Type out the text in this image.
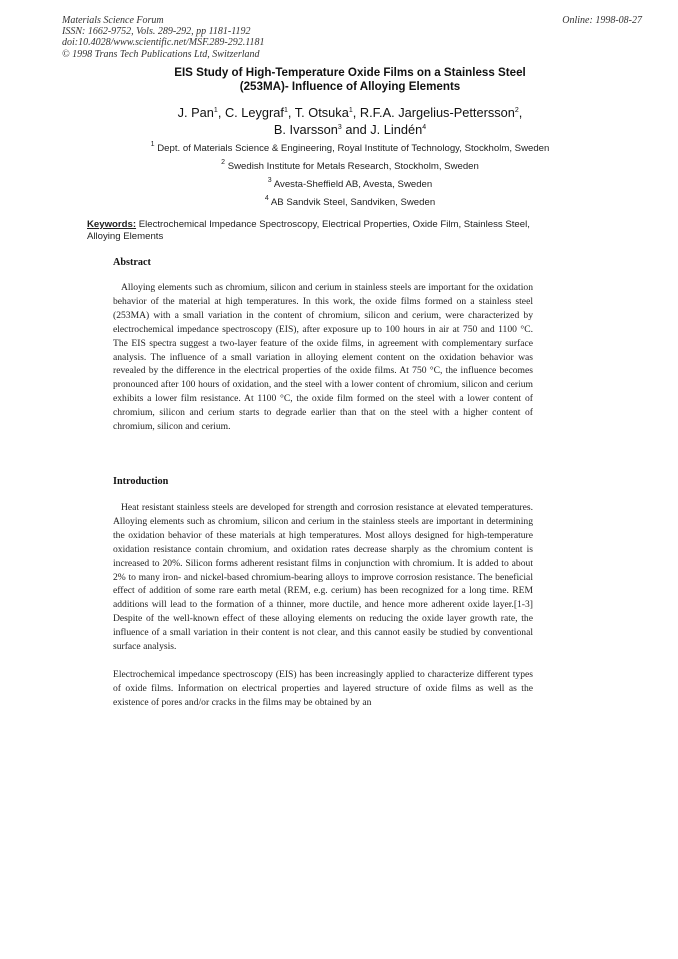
Materials Science Forum
ISSN: 1662-9752, Vols. 289-292, pp 1181-1192
doi:10.4028/www.scientific.net/MSF.289-292.1181
© 1998 Trans Tech Publications Ltd, Switzerland
Online: 1998-08-27
EIS Study of High-Temperature Oxide Films on a Stainless Steel
(253MA)- Influence of Alloying Elements
J. Pan$^1$, C. Leygraf$^1$, T. Otsuka$^1$, R.F.A. Jargelius-Pettersson$^2$,
B. Ivarsson$^3$ and J. Lindén$^4$
$^1$ Dept. of Materials Science & Engineering, Royal Institute of Technology, Stockholm, Sweden
$^2$ Swedish Institute for Metals Research, Stockholm, Sweden
$^3$ Avesta-Sheffield AB, Avesta, Sweden
$^4$ AB Sandvik Steel, Sandviken, Sweden
Keywords: Electrochemical Impedance Spectroscopy, Electrical Properties, Oxide Film, Stainless Steel, Alloying Elements
Abstract
Alloying elements such as chromium, silicon and cerium in stainless steels are important for the oxidation behavior of the material at high temperatures. In this work, the oxide films formed on a stainless steel (253MA) with a small variation in the content of chromium, silicon and cerium, were characterized by electrochemical impedance spectroscopy (EIS), after exposure up to 100 hours in air at 750 and 1100 °C. The EIS spectra suggest a two-layer feature of the oxide films, in agreement with complementary surface analysis. The influence of a small variation in alloying element content on the oxidation behavior was revealed by the difference in the electrical properties of the oxide films. At 750 °C, the influence becomes pronounced after 100 hours of oxidation, and the steel with a lower content of chromium, silicon and cerium exhibits a lower film resistance. At 1100 °C, the oxide film formed on the steel with a lower content of chromium, silicon and cerium starts to degrade earlier than that on the steel with a higher content of chromium, silicon and cerium.
Introduction
Heat resistant stainless steels are developed for strength and corrosion resistance at elevated temperatures. Alloying elements such as chromium, silicon and cerium in the stainless steels are important in determining the oxidation behavior of these materials at high temperatures. Most alloys designed for high-temperature oxidation resistance contain chromium, and oxidation rates decrease sharply as the chromium content is increased to 20%. Silicon forms adherent resistant films in conjunction with chromium. It is added to about 2% to many iron- and nickel-based chromium-bearing alloys to improve corrosion resistance. The beneficial effect of addition of some rare earth metal (REM, e.g. cerium) has been recognized for a long time. REM additions will lead to the formation of a thinner, more ductile, and hence more adherent oxide layer.[1-3] Despite of the well-known effect of these alloying elements on reducing the oxide layer growth rate, the influence of a small variation in their content is not clear, and this cannot easily be studied by conventional surface analysis.
Electrochemical impedance spectroscopy (EIS) has been increasingly applied to characterize different types of oxide films. Information on electrical properties and layered structure of oxide films as well as the existence of pores and/or cracks in the films may be obtained by an
